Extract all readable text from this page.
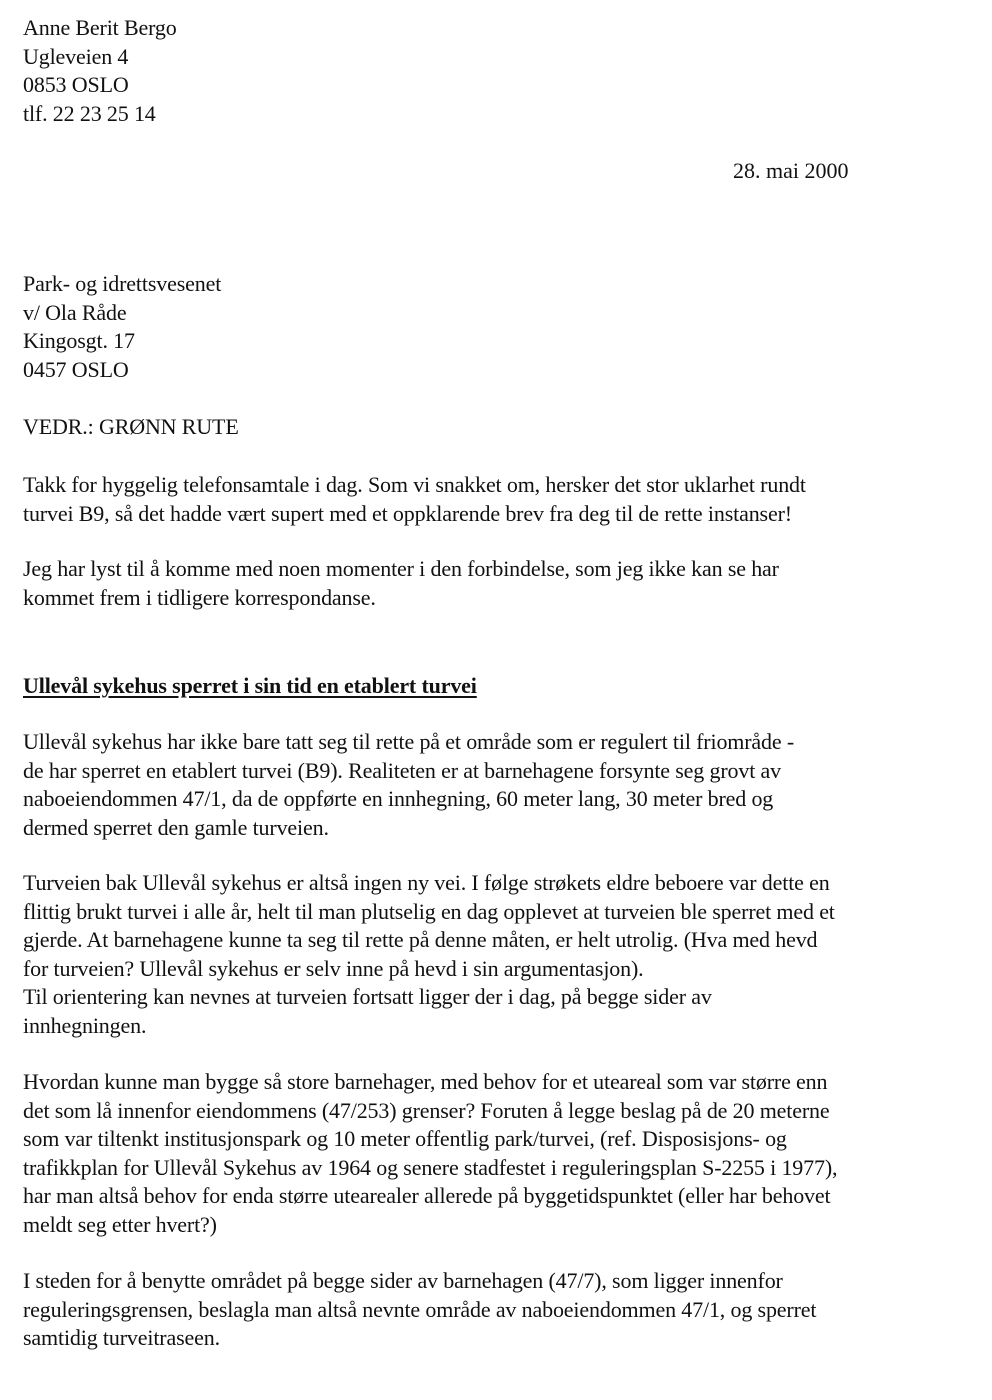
Anne Berit Bergo
Ugleveien 4
0853 OSLO
tlf. 22 23 25 14
28. mai 2000
Park- og idrettsvesenet
v/ Ola Råde
Kingosgt. 17
0457 OSLO
VEDR.: GRØNN RUTE
Takk for hyggelig telefonsamtale i dag. Som vi snakket om, hersker det stor uklarhet rundt
turvei B9, så det hadde vært supert med et oppklarende brev fra deg til de rette instanser!
Jeg har lyst til å komme med noen momenter i den forbindelse, som jeg ikke kan se har
kommet frem i tidligere korrespondanse.
Ullevål sykehus sperret i sin tid en etablert turvei
Ullevål sykehus har ikke bare tatt seg til rette på et område som er regulert til friområde -
de har sperret en etablert turvei (B9). Realiteten er at barnehagene forsynte seg grovt av
naboeiendommen 47/1, da de oppførte en innhegning, 60 meter lang, 30 meter bred og
dermed sperret den gamle turveien.
Turveien bak Ullevål sykehus er altså ingen ny vei. I følge strøkets eldre beboere var dette en
flittig brukt turvei i alle år, helt til man plutselig en dag opplevet at turveien ble sperret med et
gjerde. At barnehagene kunne ta seg til rette på denne måten, er helt utrolig. (Hva med hevd
for turveien? Ullevål sykehus er selv inne på hevd i sin argumentasjon).
Til orientering kan nevnes at turveien fortsatt ligger der i dag, på begge sider av
innhegningen.
Hvordan kunne man bygge så store barnehager, med behov for et uteareal som var større enn
det som lå innenfor eiendommens (47/253) grenser? Foruten å legge beslag på de 20 meterne
som var tiltenkt institusjonspark og 10 meter offentlig park/turvei, (ref. Disposisjons- og
trafikkplan for Ullevål Sykehus av 1964 og senere stadfestet i reguleringsplan S-2255 i 1977),
har man altså behov for enda større utearealer allerede på byggetidspunktet (eller har behovet
meldt seg etter hvert?)
I steden for å benytte området på begge sider av barnehagen (47/7), som ligger innenfor
reguleringsgrensen, beslagla man altså nevnte område av naboeiendommen 47/1, og sperret
samtidig turveitraseen.
